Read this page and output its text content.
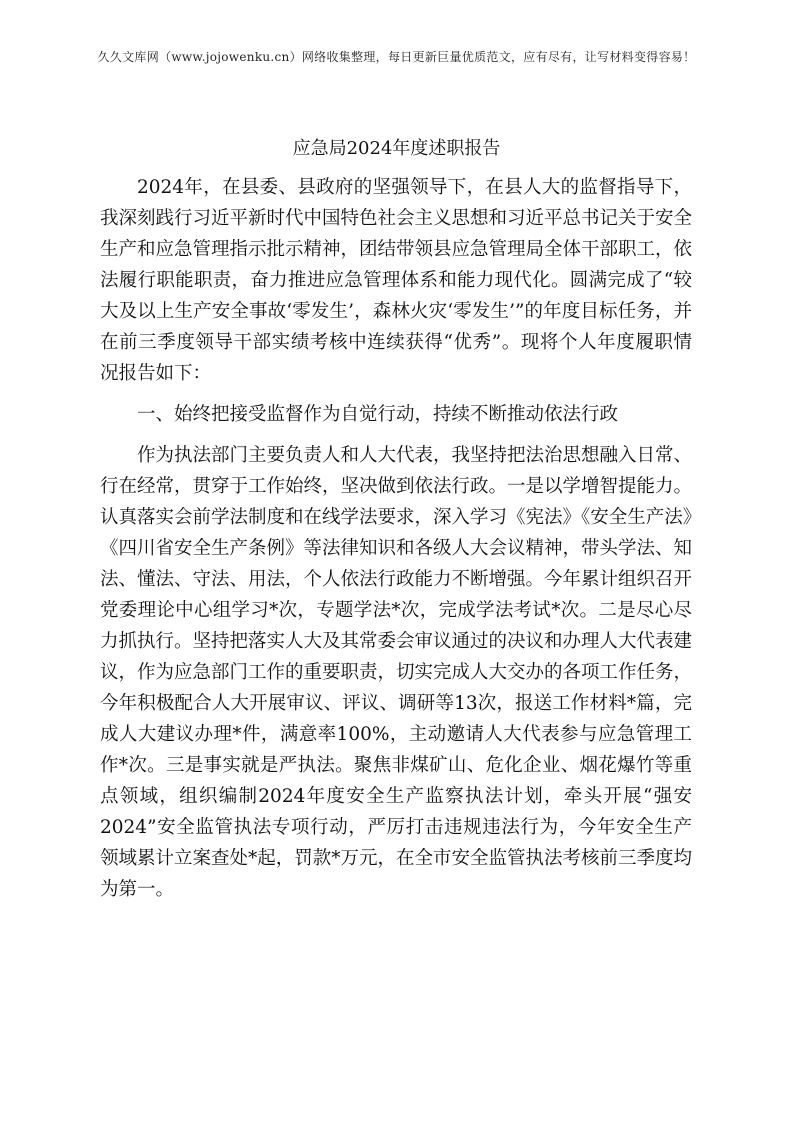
久久文库网（www.jojowenku.cn）网络收集整理，每日更新巨量优质范文，应有尽有，让写材料变得容易！
应急局2024年度述职报告

2024年，在县委、县政府的坚强领导下，在县人大的监督指导下，我深刻践行习近平新时代中国特色社会主义思想和习近平总书记关于安全生产和应急管理指示批示精神，团结带领县应急管理局全体干部职工，依法履行职能职责，奋力推进应急管理体系和能力现代化。圆满完成了“较大及以上生产安全事故‘零发生’，森林火灾‘零发生’”的年度目标任务，并在前三季度领导干部实绩考核中连续获得“优秀”。现将个人年度履职情况报告如下：

一、始终把接受监督作为自觉行动，持续不断推动依法行政

作为执法部门主要负责人和人大代表，我坚持把法治思想融入日常、行在经常，贯穿于工作始终，坚决做到依法行政。一是以学增智提能力。认真落实会前学法制度和在线学法要求，深入学习《宪法》《安全生产法》《四川省安全生产条例》等法律知识和各级人大会议精神，带头学法、知法、懂法、守法、用法，个人依法行政能力不断增强。今年累计组织召开党委理论中心组学习*次，专题学法*次，完成学法考试*次。二是尽心尽力抓执行。坚持把落实人大及其常委会审议通过的决议和办理人大代表建议，作为应急部门工作的重要职责，切实完成人大交办的各项工作任务，今年积极配合人大开展审议、评议、调研等13次，报送工作材料*篇，完成人大建议办理*件，满意率100%，主动邀请人大代表参与应急管理工作*次。三是事实就是严执法。聚焦非煤矿山、危化企业、烟花爆竹等重点领域，组织编制2024年度安全生产监察执法计划，牵头开展“强安2024”安全监管执法专项行动，严厉打击违规违法行为，今年安全生产领域累计立案查处*起，罚款*万元，在全市安全监管执法考核前三季度均为第一。
